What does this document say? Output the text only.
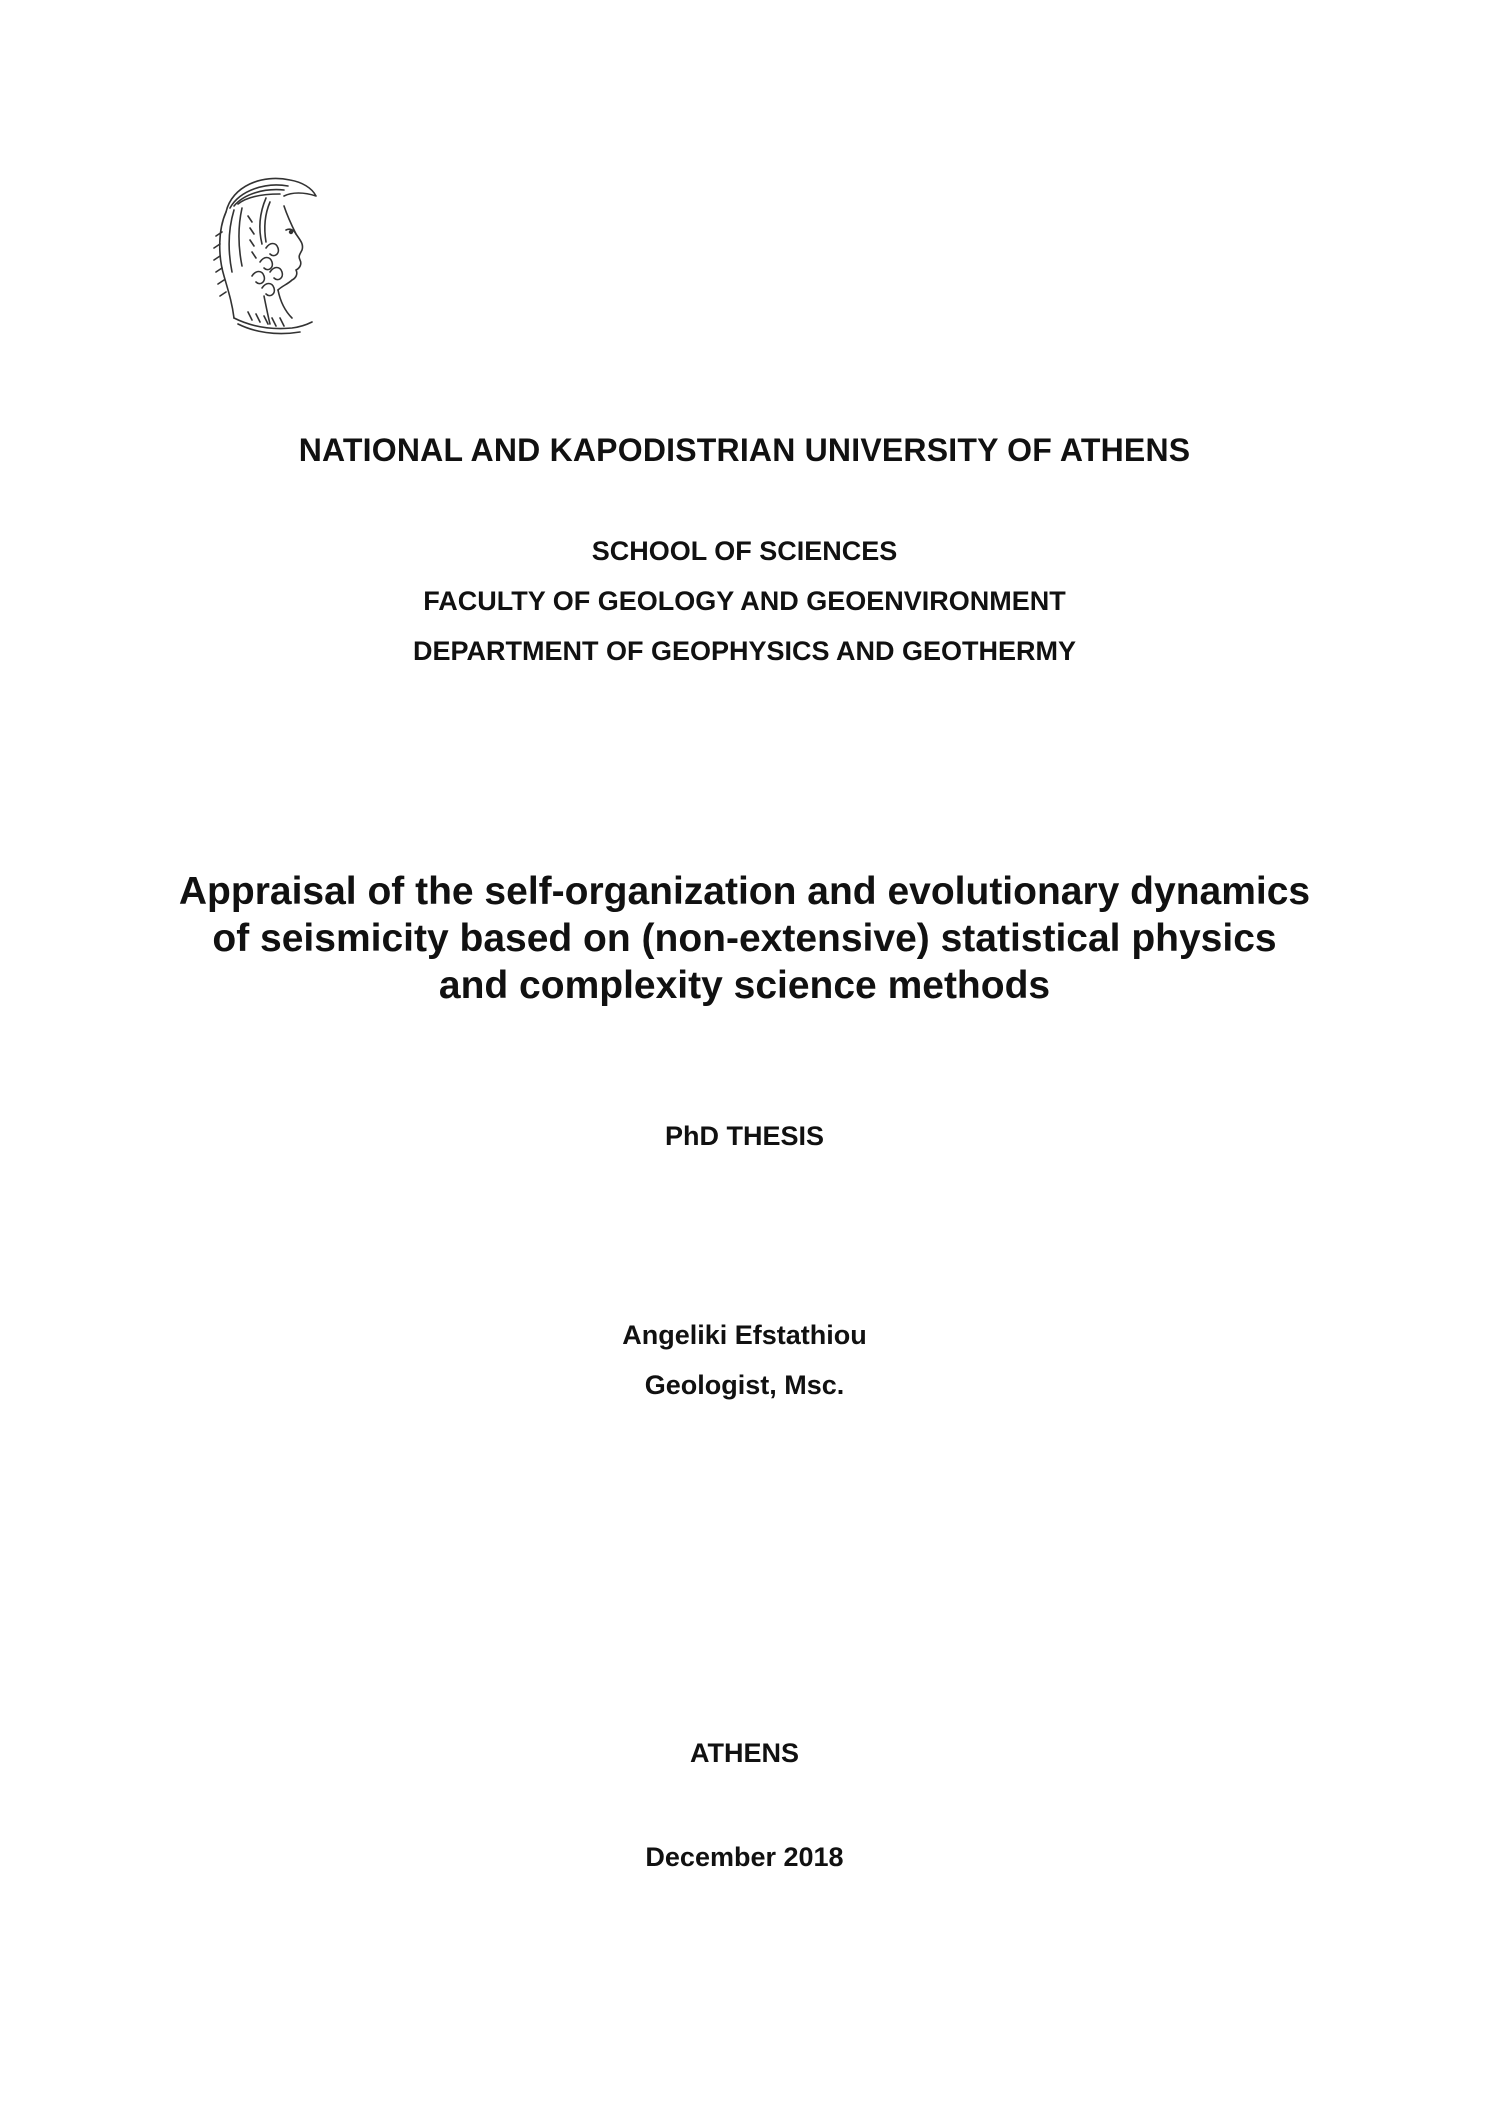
NATIONAL AND KAPODISTRIAN UNIVERSITY OF ATHENS
SCHOOL OF SCIENCES
FACULTY OF GEOLOGY AND GEOENVIRONMENT
DEPARTMENT OF GEOPHYSICS AND GEOTHERMY
Appraisal of the self-organization and evolutionary dynamics
of seismicity based on (non-extensive) statistical physics
and complexity science methods
PhD THESIS
Angeliki Efstathiou
Geologist, Msc.
ATHENS
December 2018
